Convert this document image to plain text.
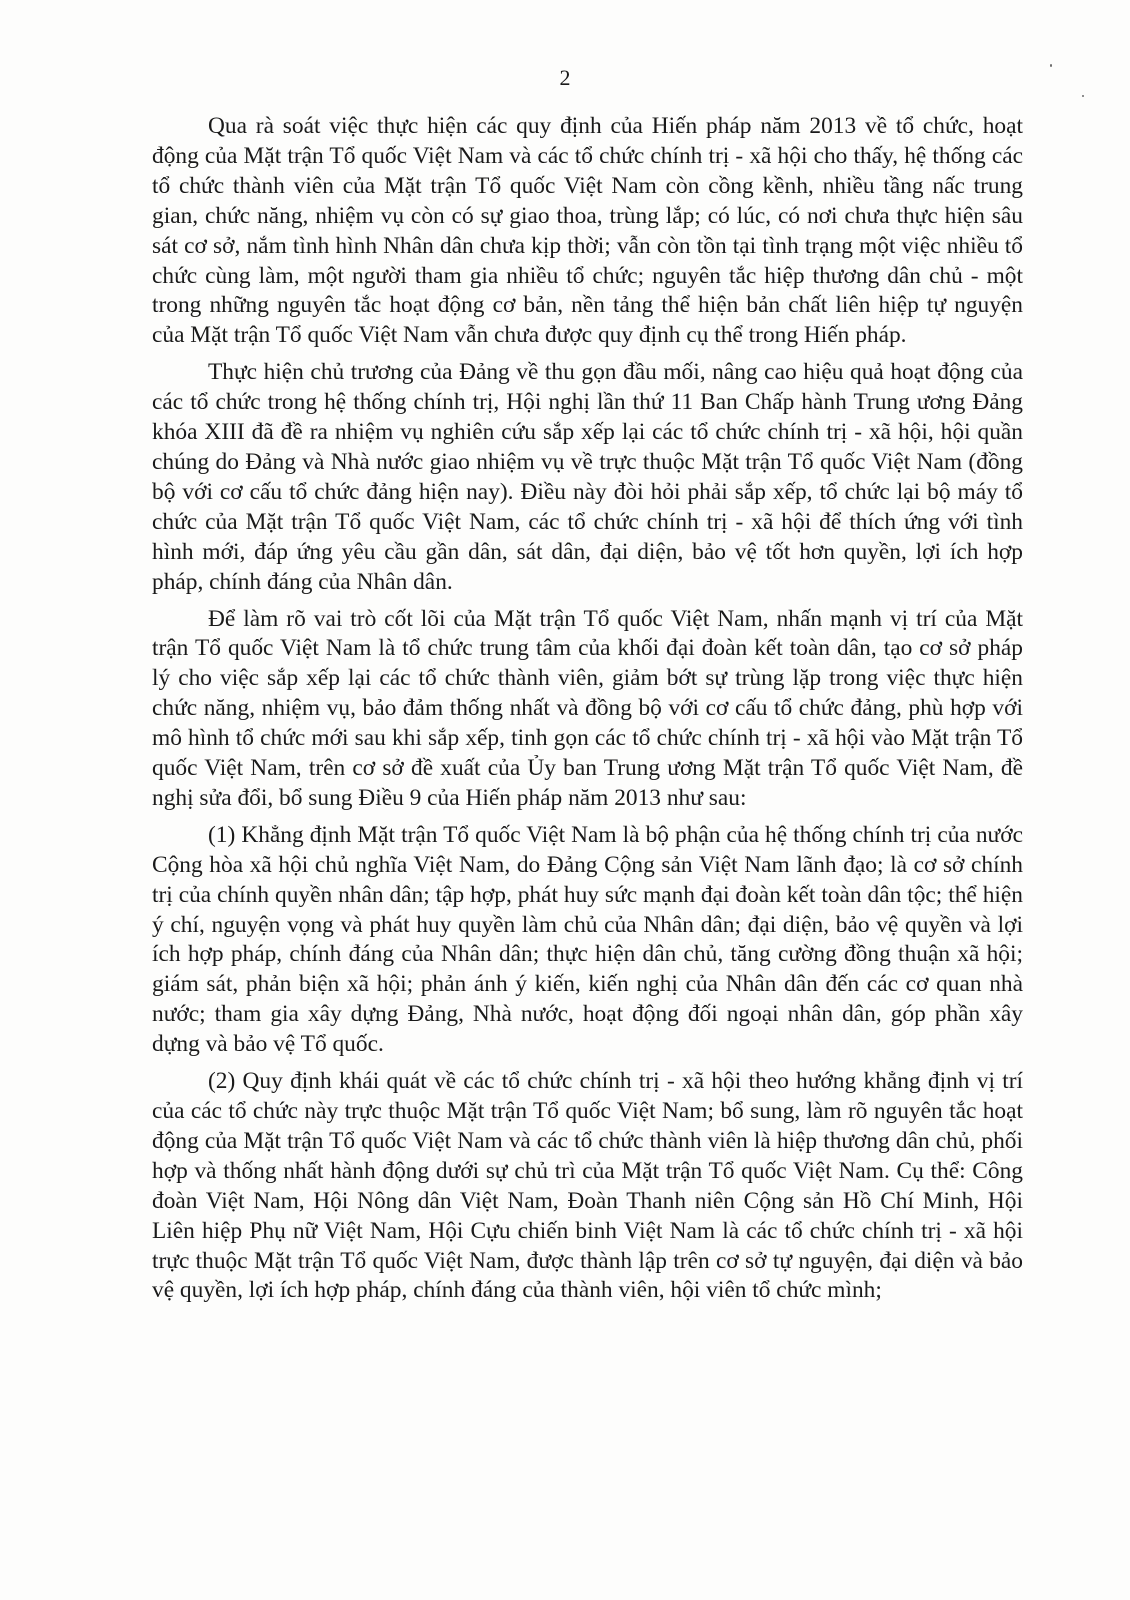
2

Qua rà soát việc thực hiện các quy định của Hiến pháp năm 2013 về tổ chức, hoạt động của Mặt trận Tổ quốc Việt Nam và các tổ chức chính trị - xã hội cho thấy, hệ thống các tổ chức thành viên của Mặt trận Tổ quốc Việt Nam còn cồng kềnh, nhiều tầng nấc trung gian, chức năng, nhiệm vụ còn có sự giao thoa, trùng lắp; có lúc, có nơi chưa thực hiện sâu sát cơ sở, nắm tình hình Nhân dân chưa kịp thời; vẫn còn tồn tại tình trạng một việc nhiều tổ chức cùng làm, một người tham gia nhiều tổ chức; nguyên tắc hiệp thương dân chủ - một trong những nguyên tắc hoạt động cơ bản, nền tảng thể hiện bản chất liên hiệp tự nguyện của Mặt trận Tổ quốc Việt Nam vẫn chưa được quy định cụ thể trong Hiến pháp.

Thực hiện chủ trương của Đảng về thu gọn đầu mối, nâng cao hiệu quả hoạt động của các tổ chức trong hệ thống chính trị, Hội nghị lần thứ 11 Ban Chấp hành Trung ương Đảng khóa XIII đã đề ra nhiệm vụ nghiên cứu sắp xếp lại các tổ chức chính trị - xã hội, hội quần chúng do Đảng và Nhà nước giao nhiệm vụ về trực thuộc Mặt trận Tổ quốc Việt Nam (đồng bộ với cơ cấu tổ chức đảng hiện nay). Điều này đòi hỏi phải sắp xếp, tổ chức lại bộ máy tổ chức của Mặt trận Tổ quốc Việt Nam, các tổ chức chính trị - xã hội để thích ứng với tình hình mới, đáp ứng yêu cầu gần dân, sát dân, đại diện, bảo vệ tốt hơn quyền, lợi ích hợp pháp, chính đáng của Nhân dân.

Để làm rõ vai trò cốt lõi của Mặt trận Tổ quốc Việt Nam, nhấn mạnh vị trí của Mặt trận Tổ quốc Việt Nam là tổ chức trung tâm của khối đại đoàn kết toàn dân, tạo cơ sở pháp lý cho việc sắp xếp lại các tổ chức thành viên, giảm bớt sự trùng lặp trong việc thực hiện chức năng, nhiệm vụ, bảo đảm thống nhất và đồng bộ với cơ cấu tổ chức đảng, phù hợp với mô hình tổ chức mới sau khi sắp xếp, tinh gọn các tổ chức chính trị - xã hội vào Mặt trận Tổ quốc Việt Nam, trên cơ sở đề xuất của Ủy ban Trung ương Mặt trận Tổ quốc Việt Nam, đề nghị sửa đổi, bổ sung Điều 9 của Hiến pháp năm 2013 như sau:

(1) Khẳng định Mặt trận Tổ quốc Việt Nam là bộ phận của hệ thống chính trị của nước Cộng hòa xã hội chủ nghĩa Việt Nam, do Đảng Cộng sản Việt Nam lãnh đạo; là cơ sở chính trị của chính quyền nhân dân; tập hợp, phát huy sức mạnh đại đoàn kết toàn dân tộc; thể hiện ý chí, nguyện vọng và phát huy quyền làm chủ của Nhân dân; đại diện, bảo vệ quyền và lợi ích hợp pháp, chính đáng của Nhân dân; thực hiện dân chủ, tăng cường đồng thuận xã hội; giám sát, phản biện xã hội; phản ánh ý kiến, kiến nghị của Nhân dân đến các cơ quan nhà nước; tham gia xây dựng Đảng, Nhà nước, hoạt động đối ngoại nhân dân, góp phần xây dựng và bảo vệ Tổ quốc.

(2) Quy định khái quát về các tổ chức chính trị - xã hội theo hướng khẳng định vị trí của các tổ chức này trực thuộc Mặt trận Tổ quốc Việt Nam; bổ sung, làm rõ nguyên tắc hoạt động của Mặt trận Tổ quốc Việt Nam và các tổ chức thành viên là hiệp thương dân chủ, phối hợp và thống nhất hành động dưới sự chủ trì của Mặt trận Tổ quốc Việt Nam. Cụ thể: Công đoàn Việt Nam, Hội Nông dân Việt Nam, Đoàn Thanh niên Cộng sản Hồ Chí Minh, Hội Liên hiệp Phụ nữ Việt Nam, Hội Cựu chiến binh Việt Nam là các tổ chức chính trị - xã hội trực thuộc Mặt trận Tổ quốc Việt Nam, được thành lập trên cơ sở tự nguyện, đại diện và bảo vệ quyền, lợi ích hợp pháp, chính đáng của thành viên, hội viên tổ chức mình;
